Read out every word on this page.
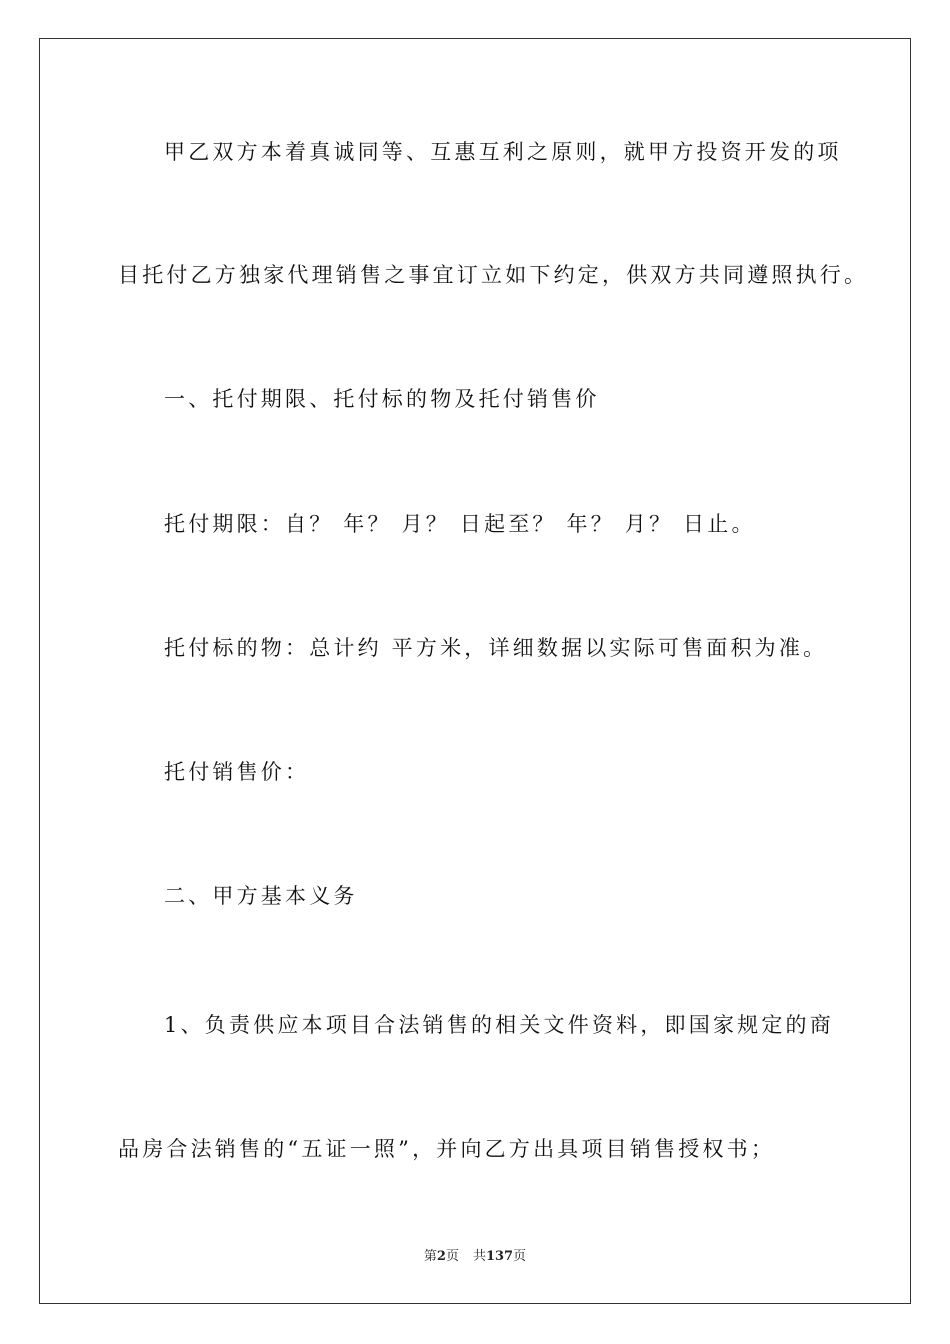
甲乙双方本着真诚同等、互惠互利之原则，就甲方投资开发的项
目托付乙方独家代理销售之事宜订立如下约定，供双方共同遵照执行。
一、托付期限、托付标的物及托付销售价
托付期限：自？ 年？ 月？ 日起至？ 年？ 月？ 日止。
托付标的物：总计约 平方米，详细数据以实际可售面积为准。
托付销售价：
二、甲方基本义务
1、负责供应本项目合法销售的相关文件资料，即国家规定的商
品房合法销售的“五证一照”，并向乙方出具项目销售授权书；
第2页 共137页
